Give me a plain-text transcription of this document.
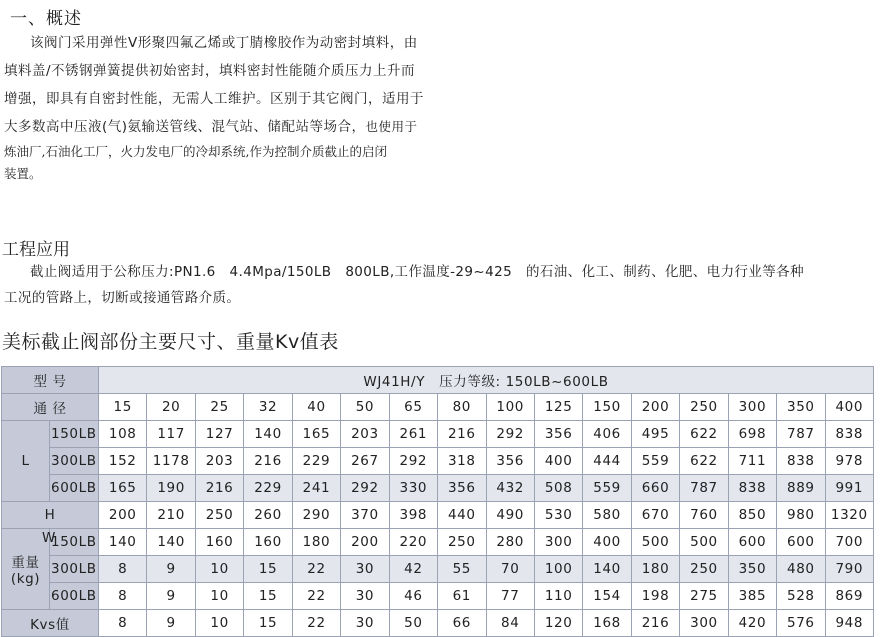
一、概述
该阀门采用弹性V形聚四氟乙烯或丁腈橡胶作为动密封填料，由
填料盖/不锈钢弹簧提供初始密封，填料密封性能随介质压力上升而
增强，即具有自密封性能，无需人工维护。区别于其它阀门，适用于
大多数高中压液(气)氨输送管线、混气站、储配站等场合，也使用于
炼油厂,石油化工厂，火力发电厂的冷却系统,作为控制介质截止的启闭
装置。
工程应用
截止阀适用于公称压力:PN1.6　4.4Mpa/150LB　800LB,工作温度-29~425　的石油、化工、制药、化肥、电力行业等各种
工况的管路上，切断或接通管路介质。
美标截止阀部份主要尺寸、重量Kv值表
型 号		WJ41H/Y　压力等级: 150LB~600LB															
通 径		15	20	25	32	40	50	65	80	100	125	150	200	250	300	350	400
L	150LB	108	117	127	140	165	203	261	216	292	356	406	495	622	698	787	838
	300LB	152	1178	203	216	229	267	292	318	356	400	444	559	622	711	838	978
	600LB	165	190	216	229	241	292	330	356	432	508	559	660	787	838	889	991
H		200	210	250	260	290	370	398	440	490	530	580	670	760	850	980	1320

重量
(kg)	150LB	140	140	160	160	180	200	220	250	280	300	400	500	500	600	600	700
	300LB	8	9	10	15	22	30	42	55	70	100	140	180	250	350	480	790
	600LB	8	9	10	15	22	30	46	61	77	110	154	198	275	385	528	869
Kvs值		8	9	10	15	22	30	50	66	84	120	168	216	300	420	576	948
W
